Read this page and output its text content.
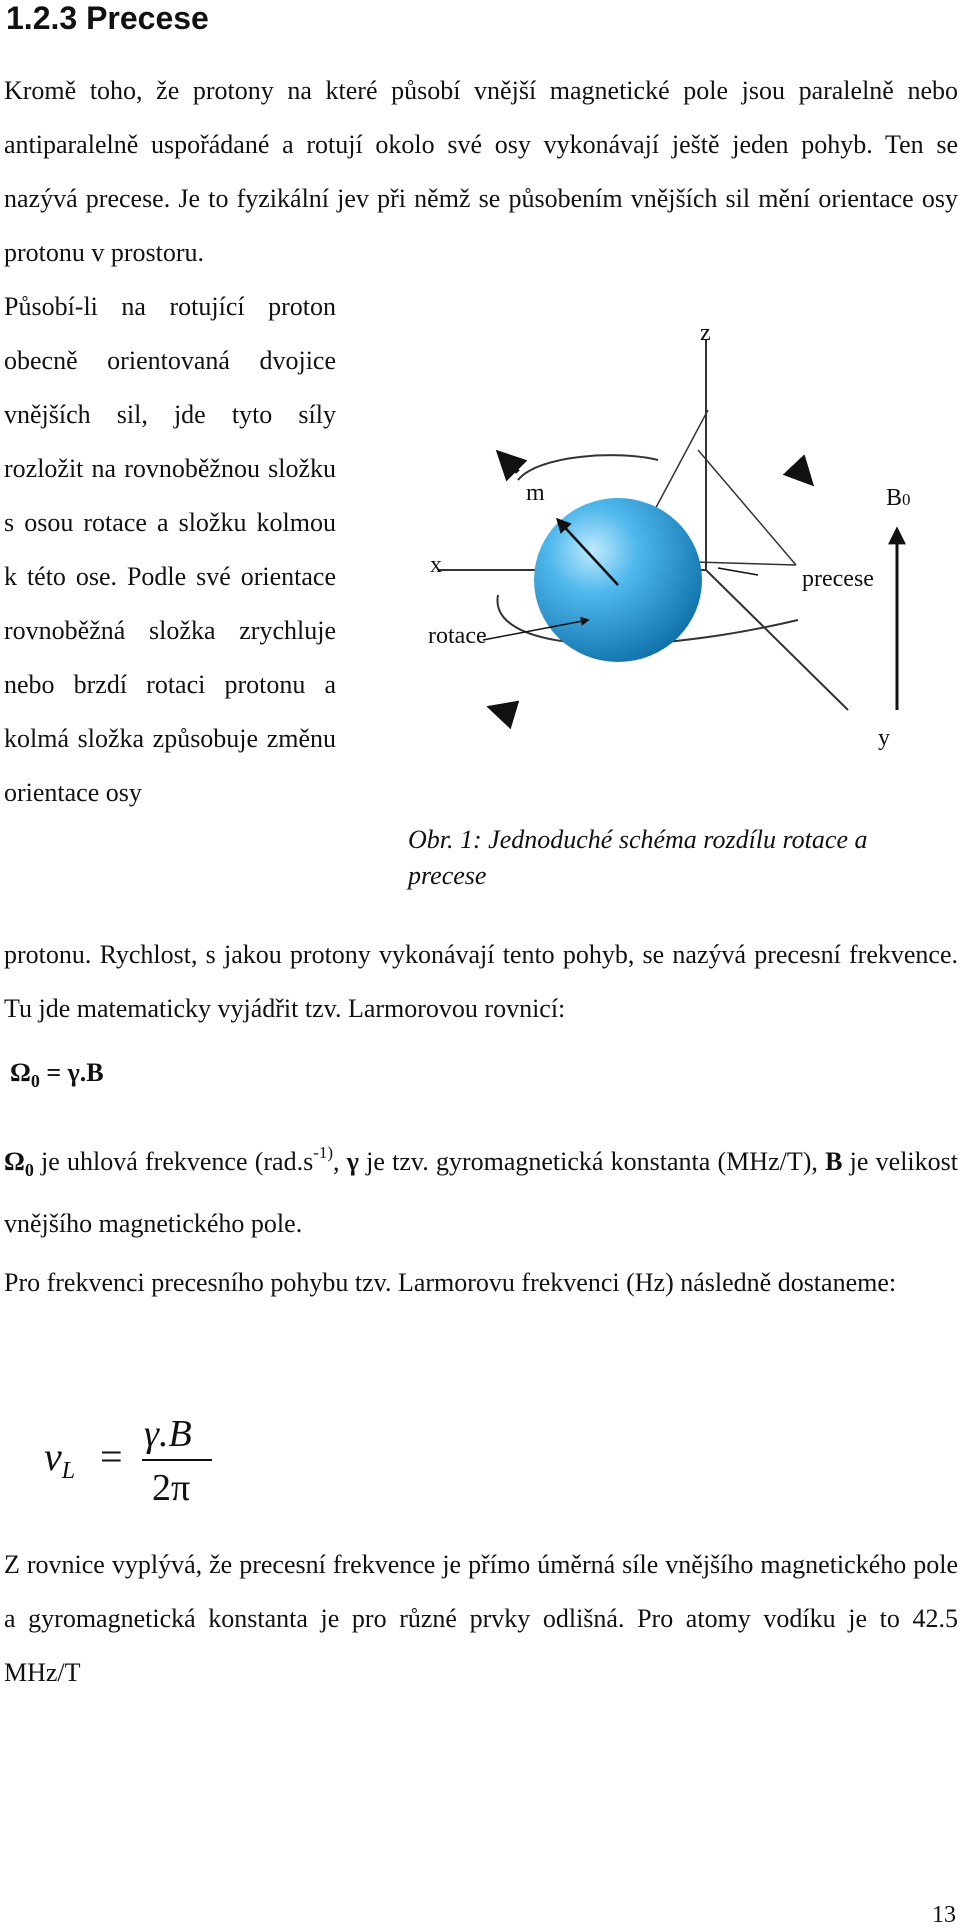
1.2.3 Precese

Kromě toho, že protony na které působí vnější magnetické pole jsou paralelně nebo antiparalelně uspořádané a rotují okolo své osy vykonávají ještě jeden pohyb. Ten se nazývá precese. Je to fyzikální jev při němž se působením vnějších sil mění orientace osy protonu v prostoru.

Působí-li na rotující proton obecně orientovaná dvojice vnějších sil, jde tyto síly rozložit na rovnoběžnou složku s osou rotace a složku kolmou k této ose. Podle své orientace rovnoběžná složka zrychluje nebo brzdí rotaci protonu a kolmá složka způsobuje změnu orientace osy

z
x
y
m	B0
precese
rotace

Obr. 1: Jednoduché schéma rozdílu rotace a precese

protonu. Rychlost, s jakou protony vykonávají tento pohyb, se nazývá precesní frekvence. Tu jde matematicky vyjádřit tzv. Larmorovou rovnicí:

$\Omega_0 = \gamma.B$

$\Omega_0$ je uhlová frekvence ($rad.s^{-1)}$, γ je tzv. gyromagnetická konstanta (MHz/T), B je velikost vnějšího magnetického pole.

Pro frekvenci precesního pohybu tzv. Larmorovu frekvenci (Hz) následně dostaneme:

$\nu_L = \gamma.B$
2π

Z rovnice vyplývá, že precesní frekvence je přímo úměrná síle vnějšího magnetického pole a gyromagnetická konstanta je pro různé prvky odlišná. Pro atomy vodíku je to 42.5 MHz/T

13
